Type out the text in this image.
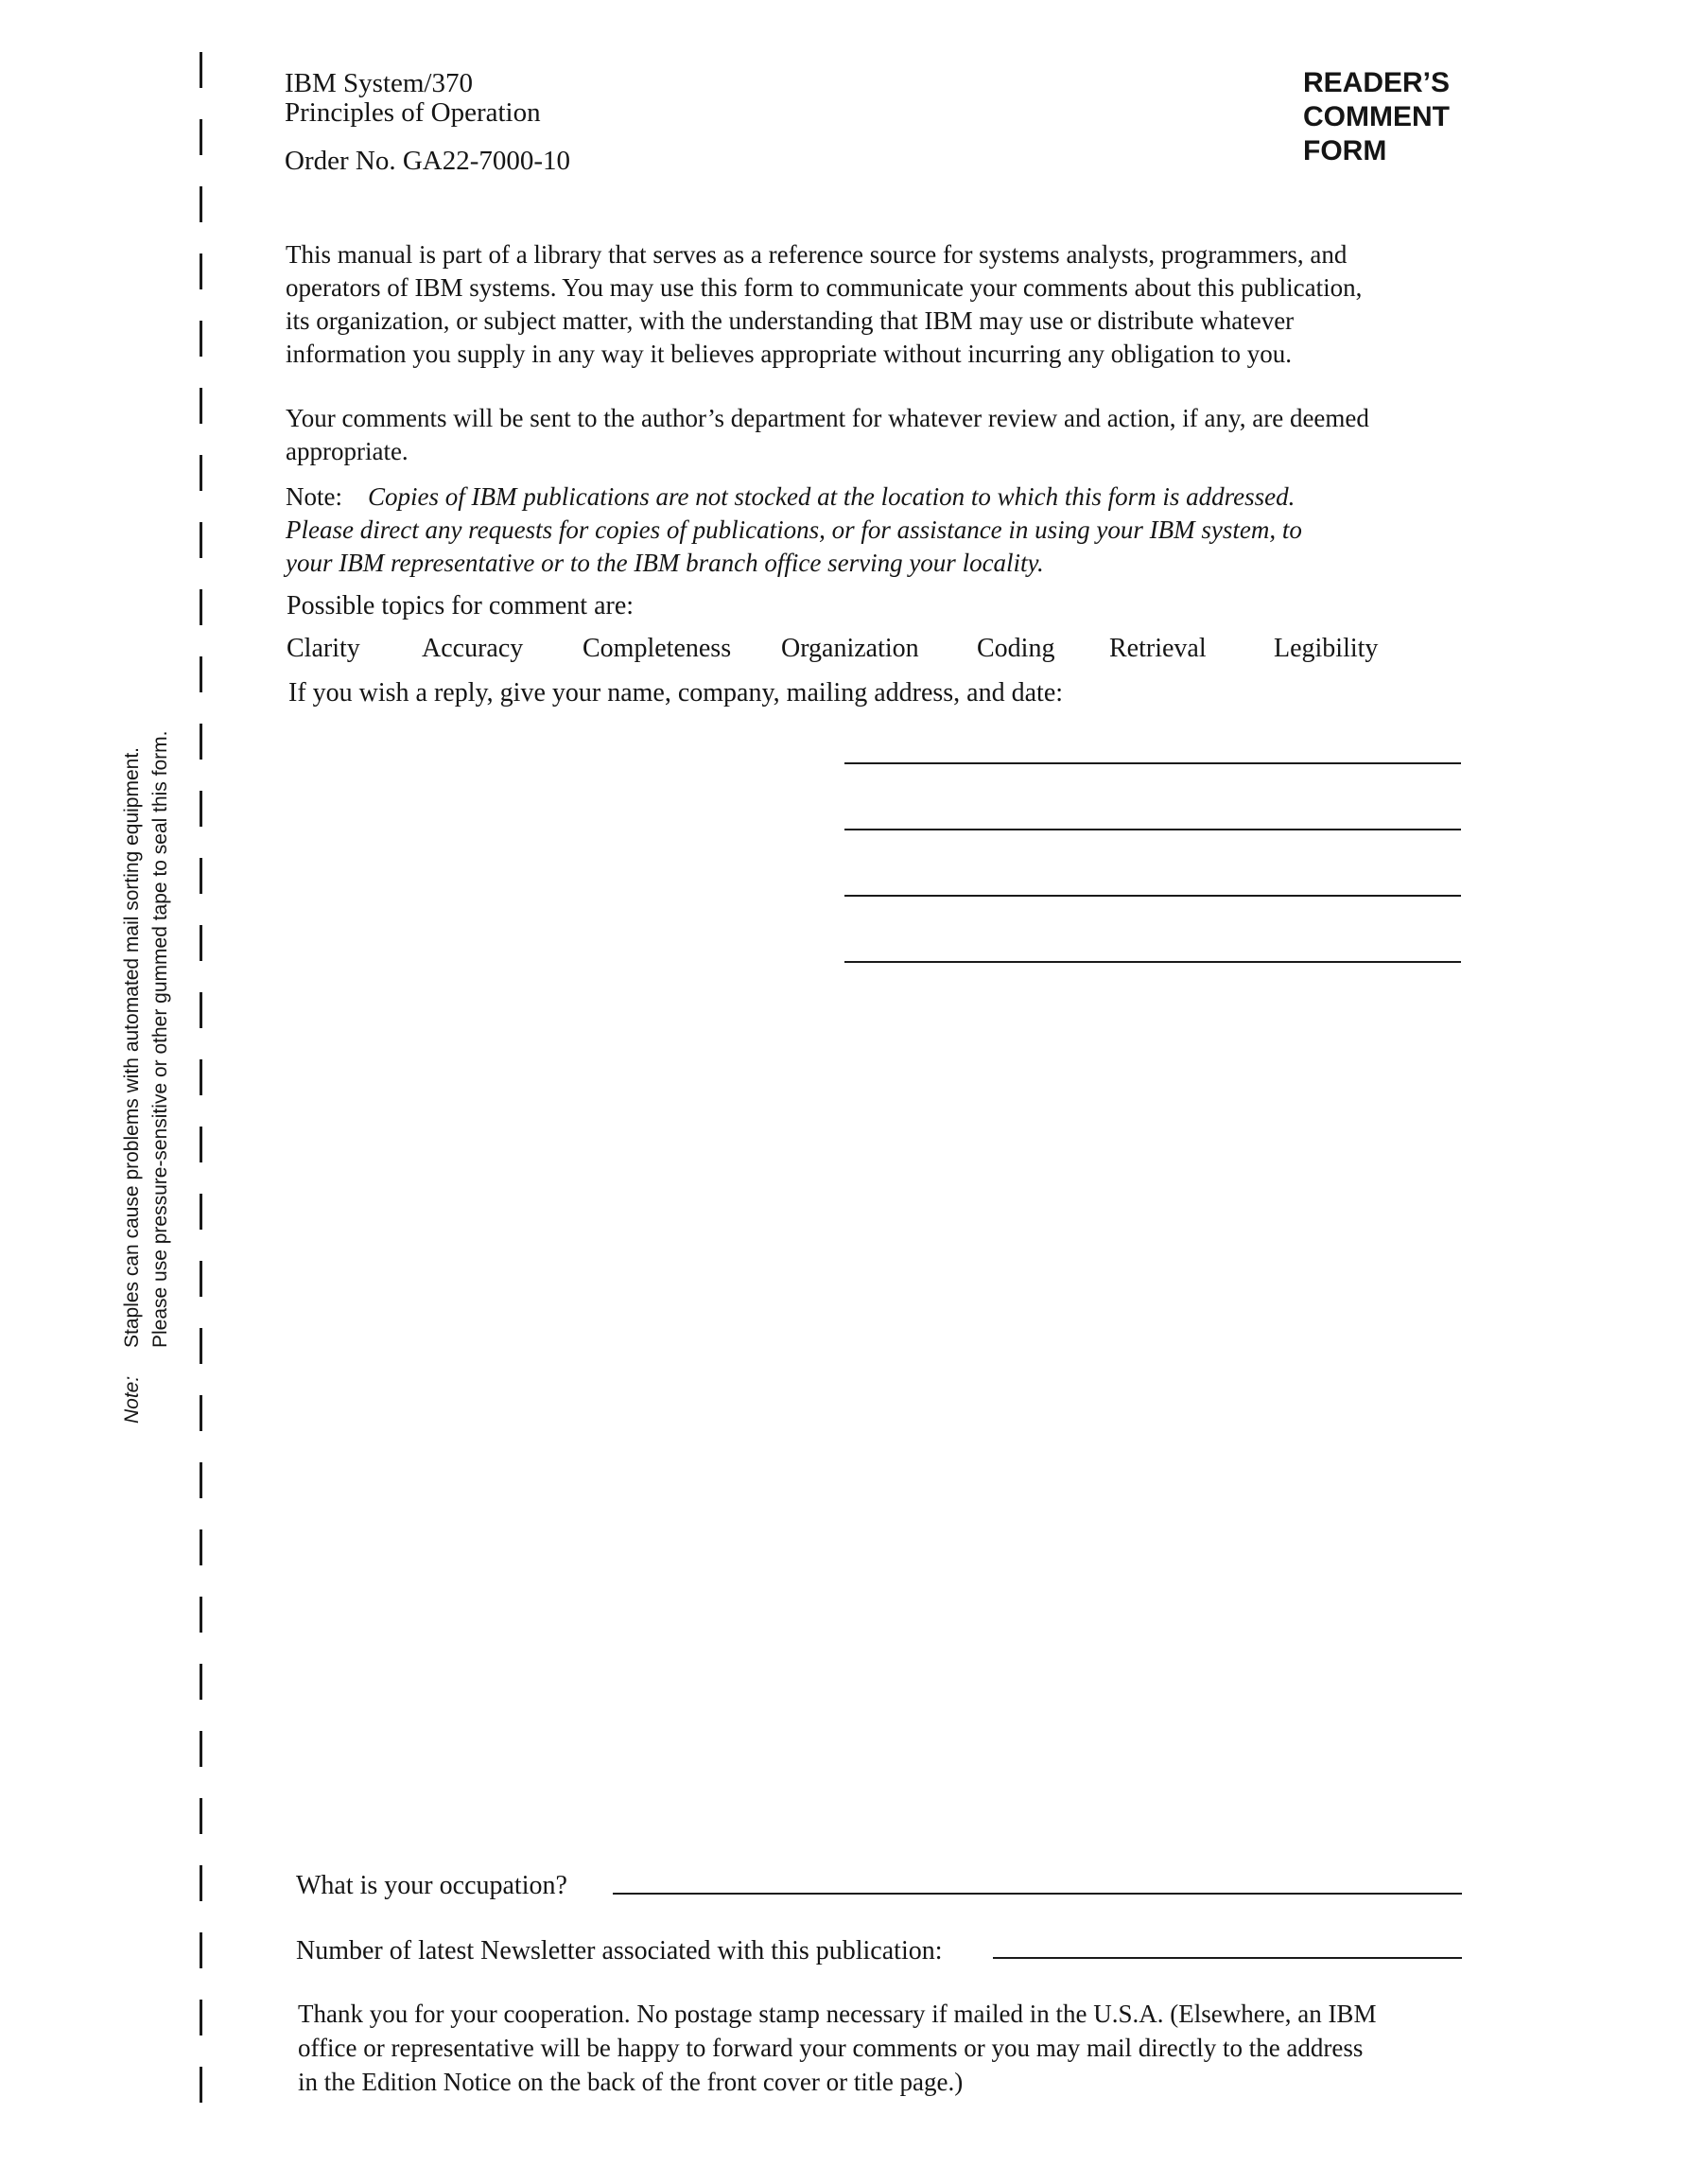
Note:Staples can cause problems with automated mail sorting equipment. Please use pressure-sensitive or other gummed tape to seal this form.
IBM System/370
Principles of Operation
Order No. GA22-7000-10
READER’S
COMMENT
FORM
This manual is part of a library that serves as a reference source for systems analysts, programmers, and
operators of IBM systems. You may use this form to communicate your comments about this publication,
its organization, or subject matter, with the understanding that IBM may use or distribute whatever
information you supply in any way it believes appropriate without incurring any obligation to you.
Your comments will be sent to the author’s department for whatever review and action, if any, are deemed
appropriate.
Note: Copies of IBM publications are not stocked at the location to which this form is addressed.
Please direct any requests for copies of publications, or for assistance in using your IBM system, to
your IBM representative or to the IBM branch office serving your locality.
Possible topics for comment are:
Clarity Accuracy Completeness Organization Coding Retrieval	Legibility
If you wish a reply, give your name, company, mailing address, and date:
What is your occupation?
Number of latest Newsletter associated with this publication:
Thank you for your cooperation. No postage stamp necessary if mailed in the U.S.A. (Elsewhere, an IBM
office or representative will be happy to forward your comments or you may mail directly to the address
in the Edition Notice on the back of the front cover or title page.)
